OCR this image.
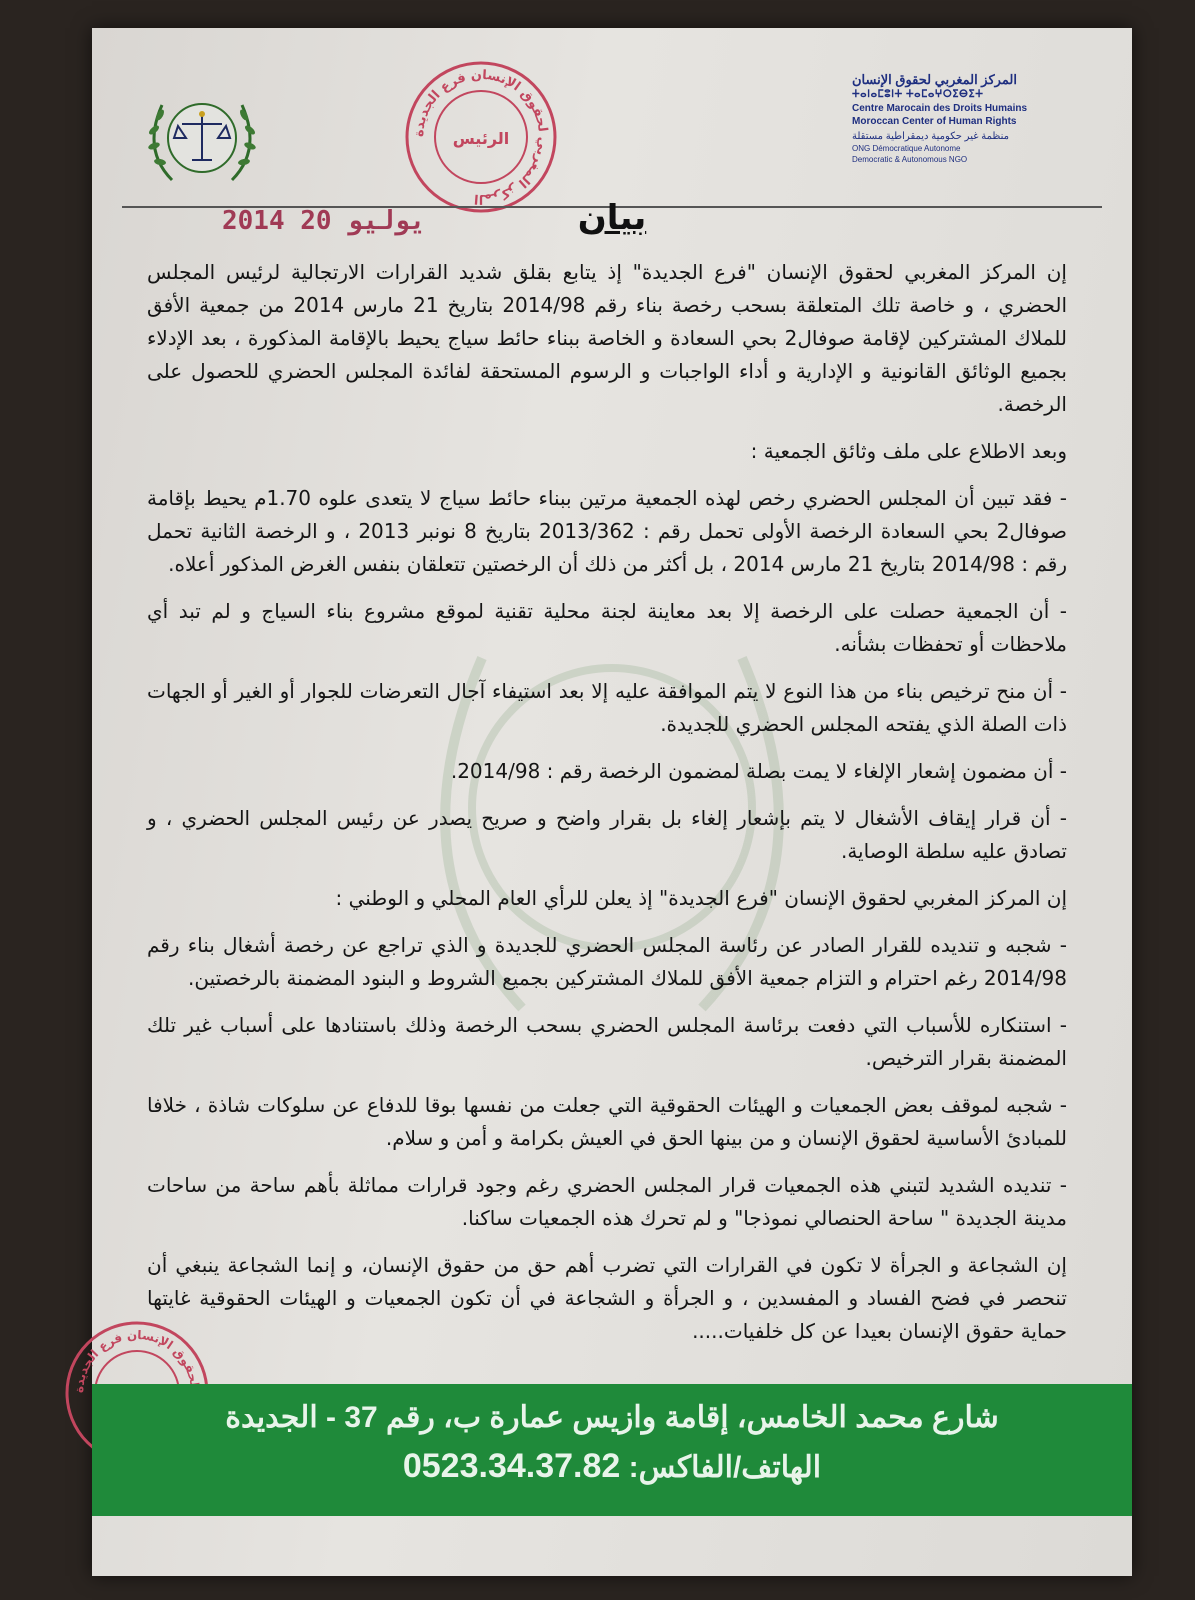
المركز المغربي لحقوق الإنسان فرع الجديدة
الرئيس
المركز المغربي لحقوق الإنسان
ⵜⴰⵏⴰⵎⵓⵏⵜ ⵜⴰⵎⴰⵖⵔⵉⴱⵉⵜ
Centre Marocain des Droits Humains
Moroccan Center of Human Rights
منظمة غير حكومية ديمقراطية مستقلة
ONG Démocratique Autonome
Democratic & Autonomous NGO
2014 يوليو 20	بيان

إن المركز المغربي لحقوق الإنسان "فرع الجديدة" إذ يتابع بقلق شديد القرارات الارتجالية لرئيس المجلس الحضري ، و خاصة تلك المتعلقة بسحب رخصة بناء رقم 2014/98 بتاريخ 21 مارس 2014 من جمعية الأفق للملاك المشتركين لإقامة صوفال2 بحي السعادة و الخاصة ببناء حائط سياج يحيط بالإقامة المذكورة ، بعد الإدلاء بجميع الوثائق القانونية و الإدارية و أداء الواجبات و الرسوم المستحقة لفائدة المجلس الحضري للحصول على الرخصة.

وبعد الاطلاع على ملف وثائق الجمعية :

- فقد تبين أن المجلس الحضري رخص لهذه الجمعية مرتين ببناء حائط سياج لا يتعدى علوه 1.70م يحيط بإقامة صوفال2 بحي السعادة الرخصة الأولى تحمل رقم : 2013/362 بتاريخ 8 نونبر 2013 ، و الرخصة الثانية تحمل رقم : 2014/98 بتاريخ 21 مارس 2014 ، بل أكثر من ذلك أن الرخصتين تتعلقان بنفس الغرض المذكور أعلاه.

- أن الجمعية حصلت على الرخصة إلا بعد معاينة لجنة محلية تقنية لموقع مشروع بناء السياج و لم تبد أي ملاحظات أو تحفظات بشأنه.

- أن منح ترخيص بناء من هذا النوع لا يتم الموافقة عليه إلا بعد استيفاء آجال التعرضات للجوار أو الغير أو الجهات ذات الصلة الذي يفتحه المجلس الحضري للجديدة.

- أن مضمون إشعار الإلغاء لا يمت بصلة لمضمون الرخصة رقم : 2014/98.

- أن قرار إيقاف الأشغال لا يتم بإشعار إلغاء بل بقرار واضح و صريح يصدر عن رئيس المجلس الحضري ، و تصادق عليه سلطة الوصاية.

إن المركز المغربي لحقوق الإنسان "فرع الجديدة" إذ يعلن للرأي العام المحلي و الوطني :

- شجبه و تنديده للقرار الصادر عن رئاسة المجلس الحضري للجديدة و الذي تراجع عن رخصة أشغال بناء رقم 2014/98 رغم احترام و التزام جمعية الأفق للملاك المشتركين بجميع الشروط و البنود المضمنة بالرخصتين.

- استنكاره للأسباب التي دفعت برئاسة المجلس الحضري بسحب الرخصة وذلك باستنادها على أسباب غير تلك المضمنة بقرار الترخيص.

- شجبه لموقف بعض الجمعيات و الهيئات الحقوقية التي جعلت من نفسها بوقا للدفاع عن سلوكات شاذة ، خلافا للمبادئ الأساسية لحقوق الإنسان و من بينها الحق في العيش بكرامة و أمن و سلام.

- تنديده الشديد لتبني هذه الجمعيات قرار المجلس الحضري رغم وجود قرارات مماثلة بأهم ساحة من ساحات مدينة الجديدة " ساحة الحنصالي نموذجا" و لم تحرك هذه الجمعيات ساكنا.

إن الشجاعة و الجرأة لا تكون في القرارات التي تضرب أهم حق من حقوق الإنسان، و إنما الشجاعة ينبغي أن تنحصر في فضح الفساد و المفسدين ، و الجرأة و الشجاعة في أن تكون الجمعيات و الهيئات الحقوقية غايتها حماية حقوق الإنسان بعيدا عن كل خلفيات.....

حقوق الإنسان فرع الجديدة
شارع محمد الخامس، إقامة وازيس عمارة ب، رقم 37 - الجديدة
الهاتف/الفاكس: 0523.34.37.82
